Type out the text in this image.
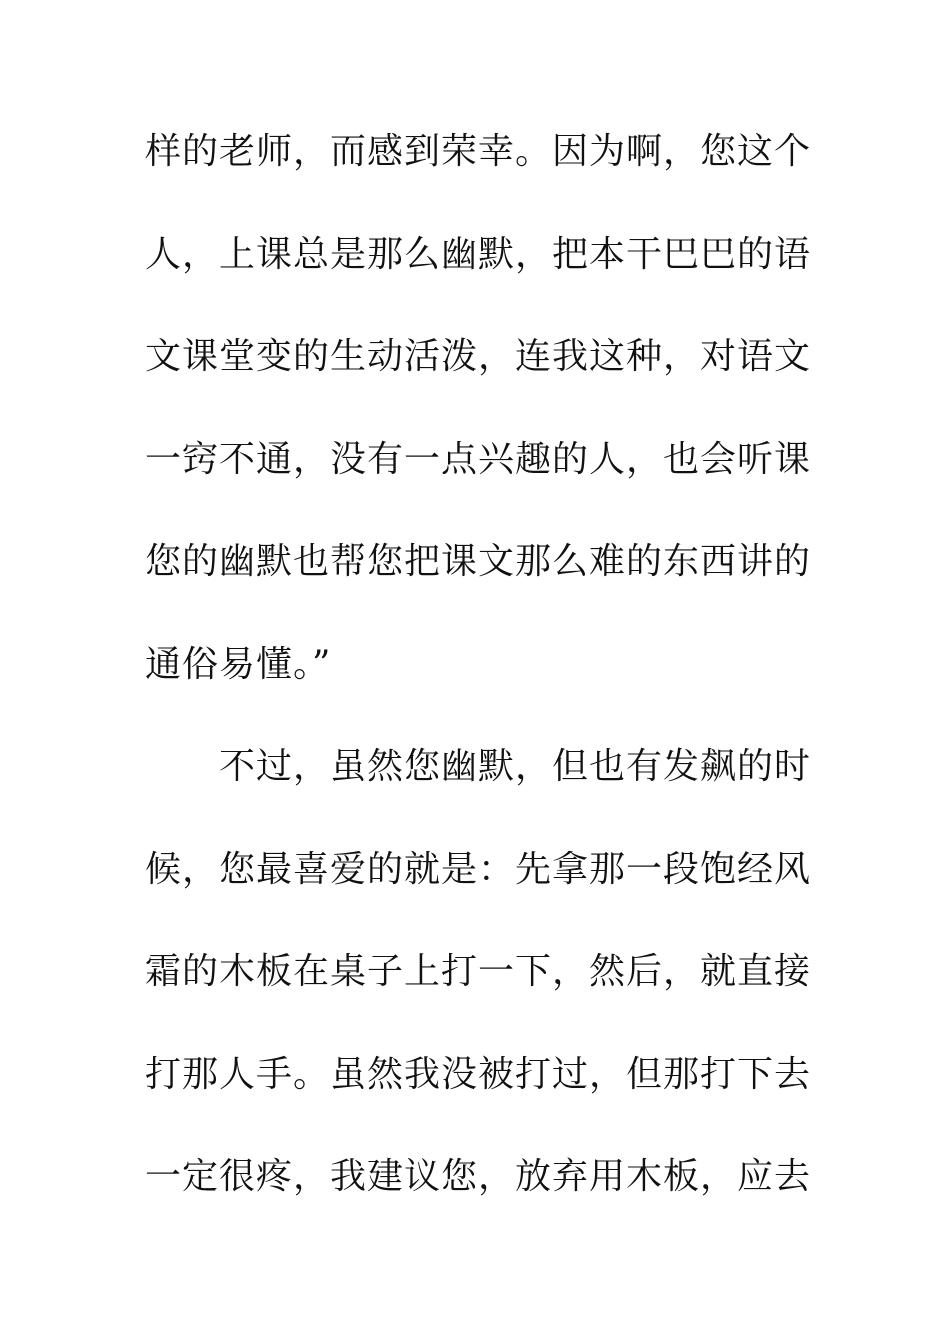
样的老师，而感到荣幸。因为啊，您这个
人，上课总是那么幽默，把本干巴巴的语
文课堂变的生动活泼，连我这种，对语文
一窍不通，没有一点兴趣的人，也会听课
您的幽默也帮您把课文那么难的东西讲的
通俗易懂。”
　　不过，虽然您幽默，但也有发飙的时
候，您最喜爱的就是：先拿那一段饱经风
霜的木板在桌子上打一下，然后，就直接
打那人手。虽然我没被打过，但那打下去
一定很疼，我建议您，放弃用木板，应去
